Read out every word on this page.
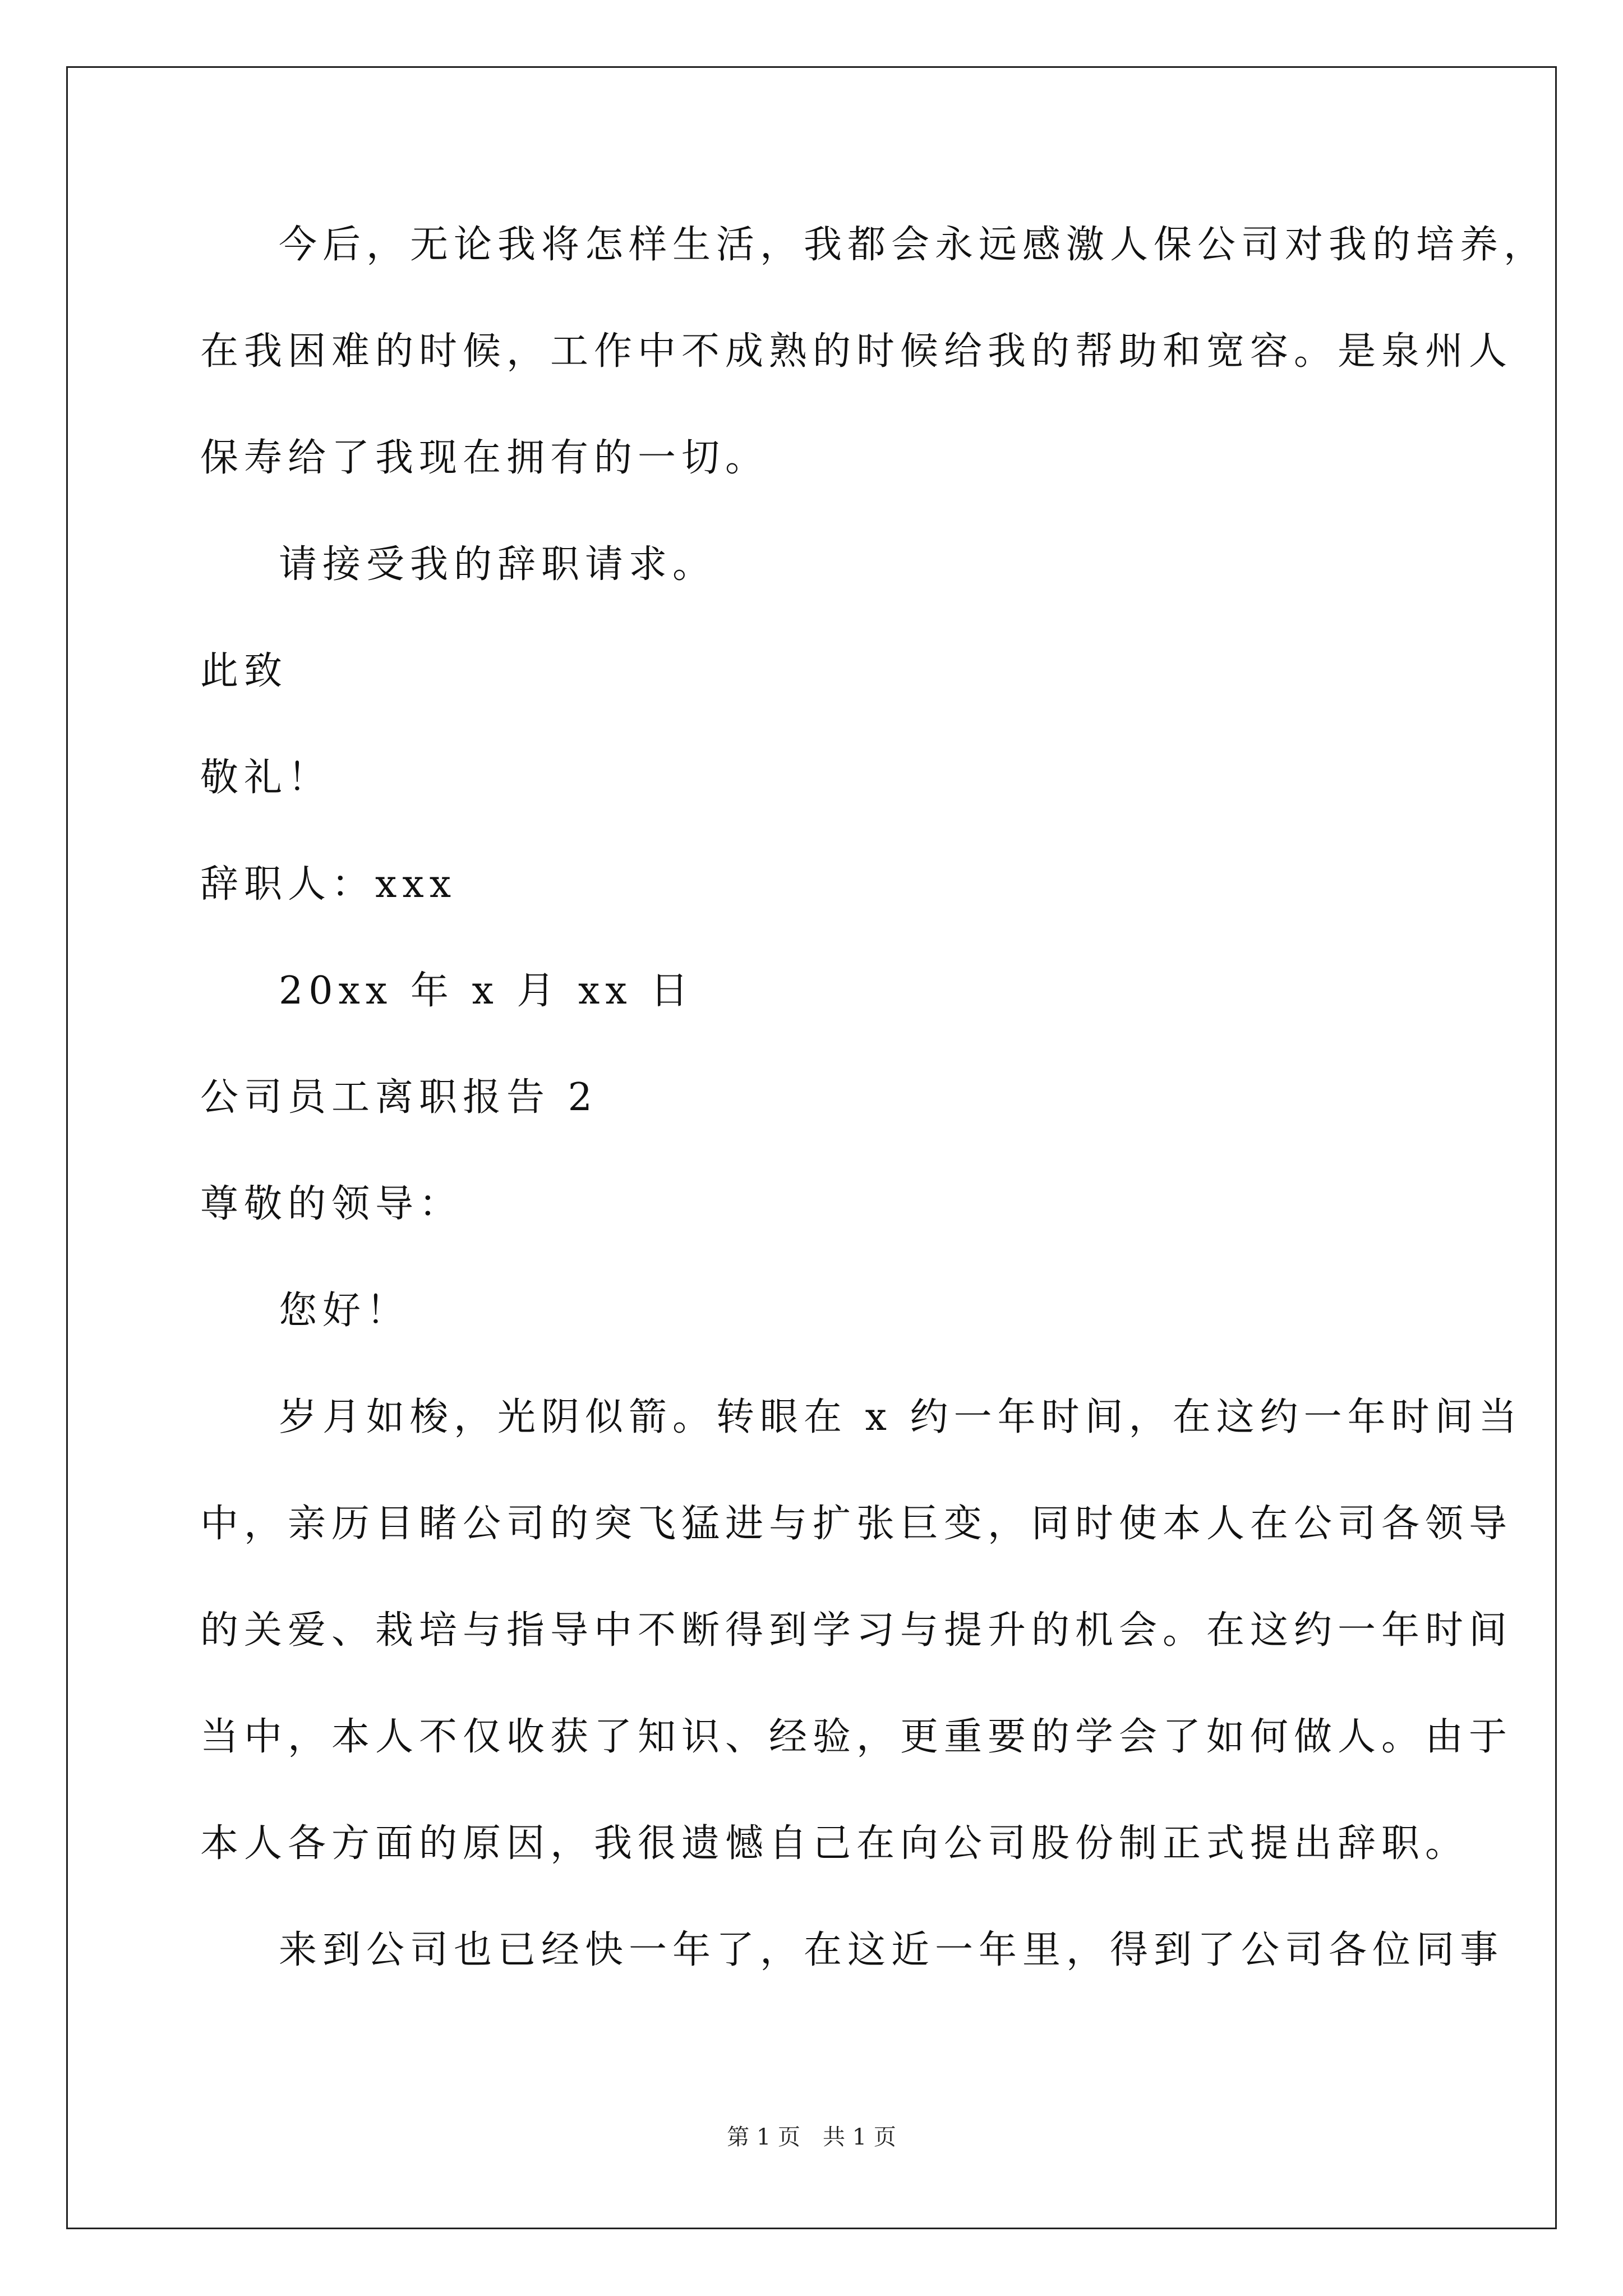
今后，无论我将怎样生活，我都会永远感激人保公司对我的培养，
在我困难的时候，工作中不成熟的时候给我的帮助和宽容。是泉州人
保寿给了我现在拥有的一切。
请接受我的辞职请求。
此致
敬礼！
辞职人：xxx
20xx 年 x 月 xx 日
公司员工离职报告 2
尊敬的领导：
您好！
岁月如梭，光阴似箭。转眼在 x 约一年时间，在这约一年时间当
中，亲历目睹公司的突飞猛进与扩张巨变，同时使本人在公司各领导
的关爱、栽培与指导中不断得到学习与提升的机会。在这约一年时间
当中，本人不仅收获了知识、经验，更重要的学会了如何做人。由于
本人各方面的原因，我很遗憾自己在向公司股份制正式提出辞职。
来到公司也已经快一年了，在这近一年里，得到了公司各位同事
第 1 页　共 1 页
